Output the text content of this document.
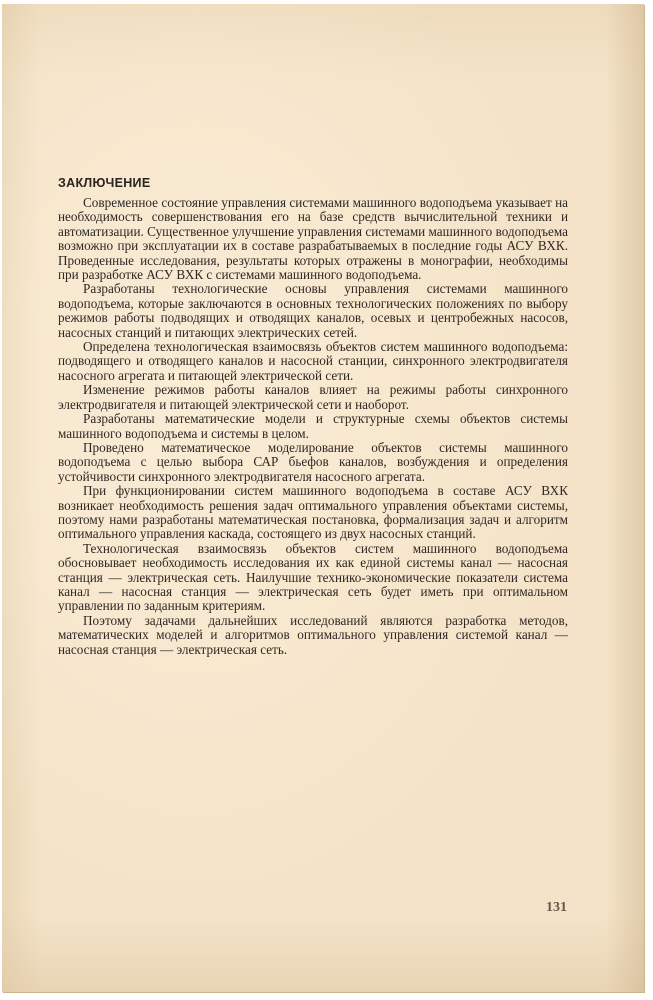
ЗАКЛЮЧЕНИЕ

Современное состояние управления системами машинного водоподъема указывает на необходимость совершенствования его на базе средств вычислительной техники и автоматизации. Существенное улучшение управления системами машинного водоподъема возможно при эксплуатации их в составе разрабатываемых в последние годы АСУ ВХК. Проведенные исследования, результаты которых отражены в монографии, необходимы при разработке АСУ ВХК с системами машинного водоподъема.

Разработаны технологические основы управления системами машинного водоподъема, которые заключаются в основных технологических положениях по выбору режимов работы подводящих и отводящих каналов, осевых и центробежных насосов, насосных станций и питающих электрических сетей.

Определена технологическая взаимосвязь объектов систем машинного водоподъема: подводящего и отводящего каналов и насосной станции, синхронного электродвигателя насосного агрегата и питающей электрической сети.

Изменение режимов работы каналов влияет на режимы работы синхронного электродвигателя и питающей электрической сети и наоборот.

Разработаны математические модели и структурные схемы объектов системы машинного водоподъема и системы в целом.

Проведено математическое моделирование объектов системы машинного водоподъема с целью выбора САР бьефов каналов, возбуждения и определения устойчивости синхронного электродвигателя насосного агрегата.

При функционировании систем машинного водоподъема в составе АСУ ВХК возникает необходимость решения задач оптимального управления объектами системы, поэтому нами разработаны математическая постановка, формализация задач и алгоритм оптимального управления каскада, состоящего из двух насосных станций.

Технологическая взаимосвязь объектов систем машинного водоподъема обосновывает необходимость исследования их как единой системы канал — насосная станция — электрическая сеть. Наилучшие технико-экономические показатели система канал — насосная станция — электрическая сеть будет иметь при оптимальном управлении по заданным критериям.

Поэтому задачами дальнейших исследований являются разработка методов, математических моделей и алгоритмов оптимального управления системой канал — насосная станция — электрическая сеть.

131
